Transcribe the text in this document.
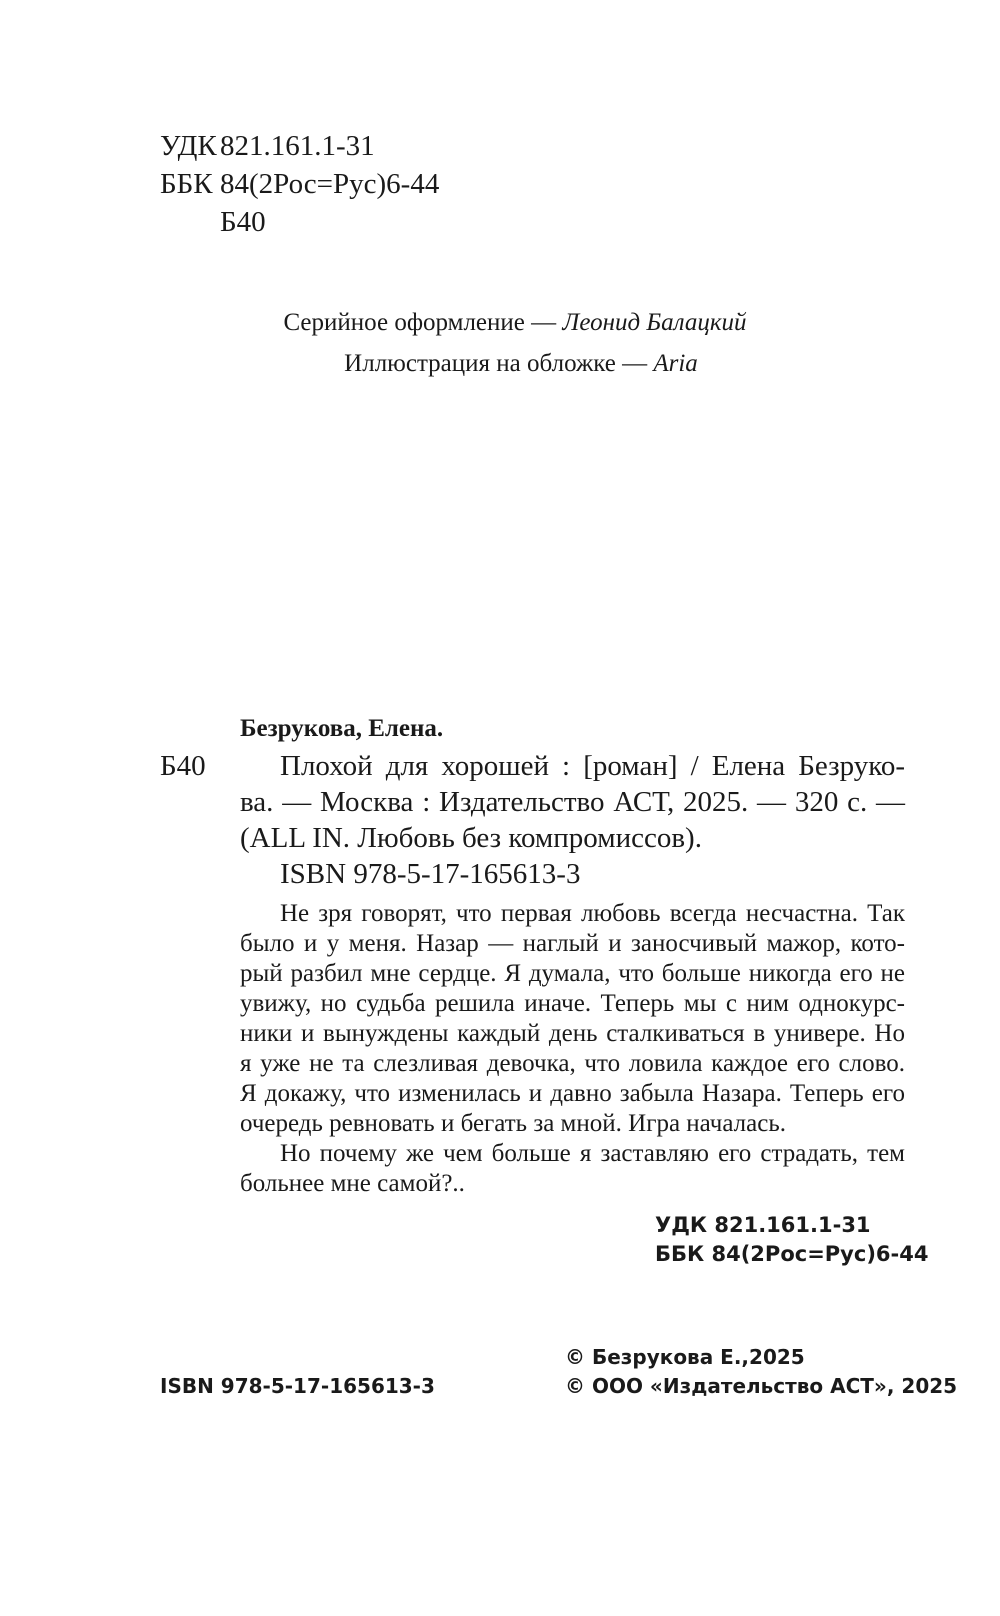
УДК 821.161.1-31
ББК 84(2Рос=Рус)6-44
Б40
Серийное оформление — Леонид Балацкий
Иллюстрация на обложке — Aria
Безрукова, Елена.
Б40	Плохой для хорошей : [роман] / Елена Безруко-
ва. — Москва : Издательство АСТ, 2025. — 320 с. —
(ALL IN. Любовь без компромиссов).
ISBN 978-5-17-165613-3
Не зря говорят, что первая любовь всегда несчастна. Так
было и у меня. Назар — наглый и заносчивый мажор, кото-
рый разбил мне сердце. Я думала, что больше никогда его не
увижу, но судьба решила иначе. Теперь мы с ним однокурс-
ники и вынуждены каждый день сталкиваться в универе. Но
я уже не та слезливая девочка, что ловила каждое его слово.
Я докажу, что изменилась и давно забыла Назара. Теперь его
очередь ревновать и бегать за мной. Игра началась.
Но почему же чем больше я заставляю его страдать, тем
больнее мне самой?..
УДК 821.161.1-31
ББК 84(2Рос=Рус)6-44
© Безрукова Е.,2025
ISBN 978-5-17-165613-3	© ООО «Издательство АСТ», 2025
